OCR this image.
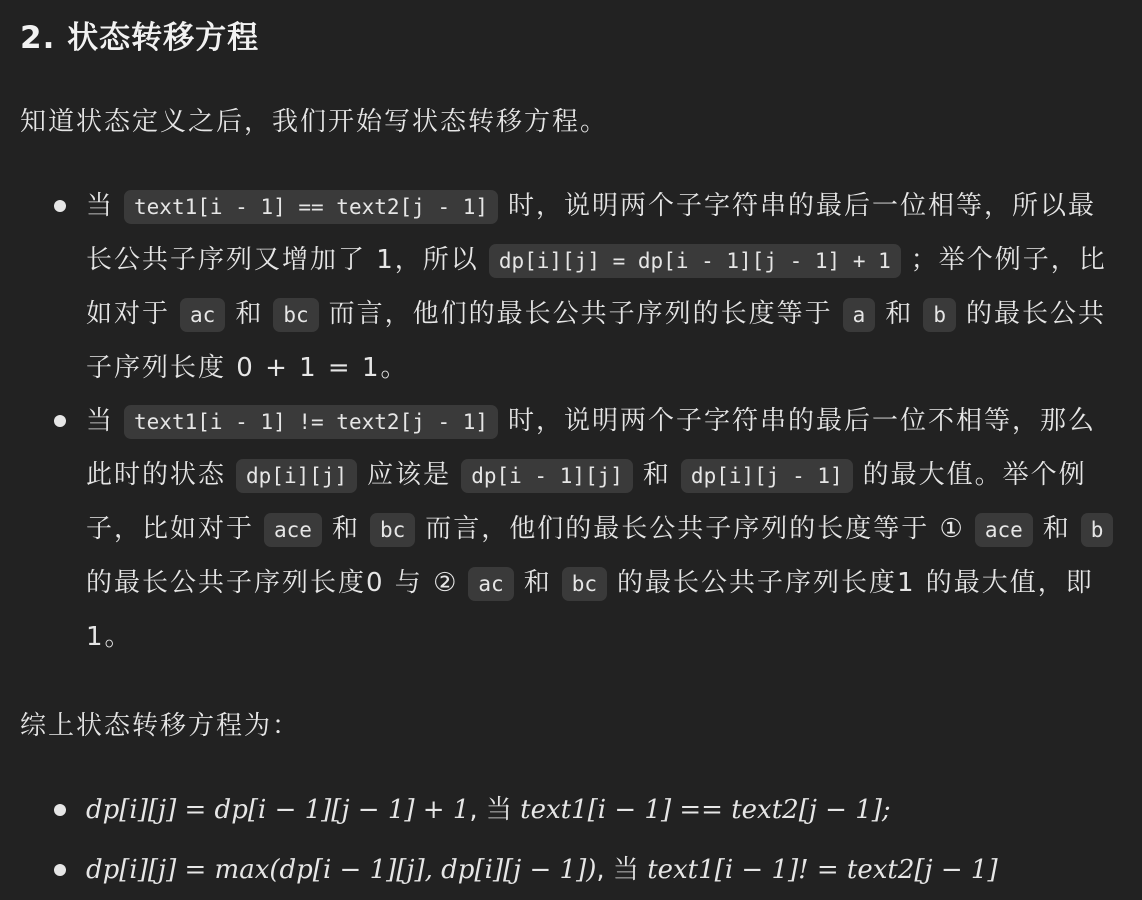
2. 状态转移方程

知道状态定义之后，我们开始写状态转移方程。

当 text1[i - 1] == text2[j - 1] 时，说明两个子字符串的最后一位相等，所以最长公共子序列又增加了 1，所以 dp[i][j] = dp[i - 1][j - 1] + 1 ；举个例子，比如对于 ac 和 bc 而言，他们的最长公共子序列的长度等于 a 和 b 的最长公共子序列长度 0 + 1 = 1。
当 text1[i - 1] != text2[j - 1] 时，说明两个子字符串的最后一位不相等，那么此时的状态 dp[i][j] 应该是 dp[i - 1][j] 和 dp[i][j - 1] 的最大值。举个例子，比如对于 ace 和 bc 而言，他们的最长公共子序列的长度等于 ① ace 和 b的最长公共子序列长度0 与 ② ac 和 bc 的最长公共子序列长度1 的最大值，即 1。

综上状态转移方程为：

dp[i][j] = dp[i − 1][j − 1] + 1, 当 text1[i − 1] == text2[j − 1];
dp[i][j] = max(dp[i − 1][j], dp[i][j − 1]), 当 text1[i − 1]! = text2[j − 1]
